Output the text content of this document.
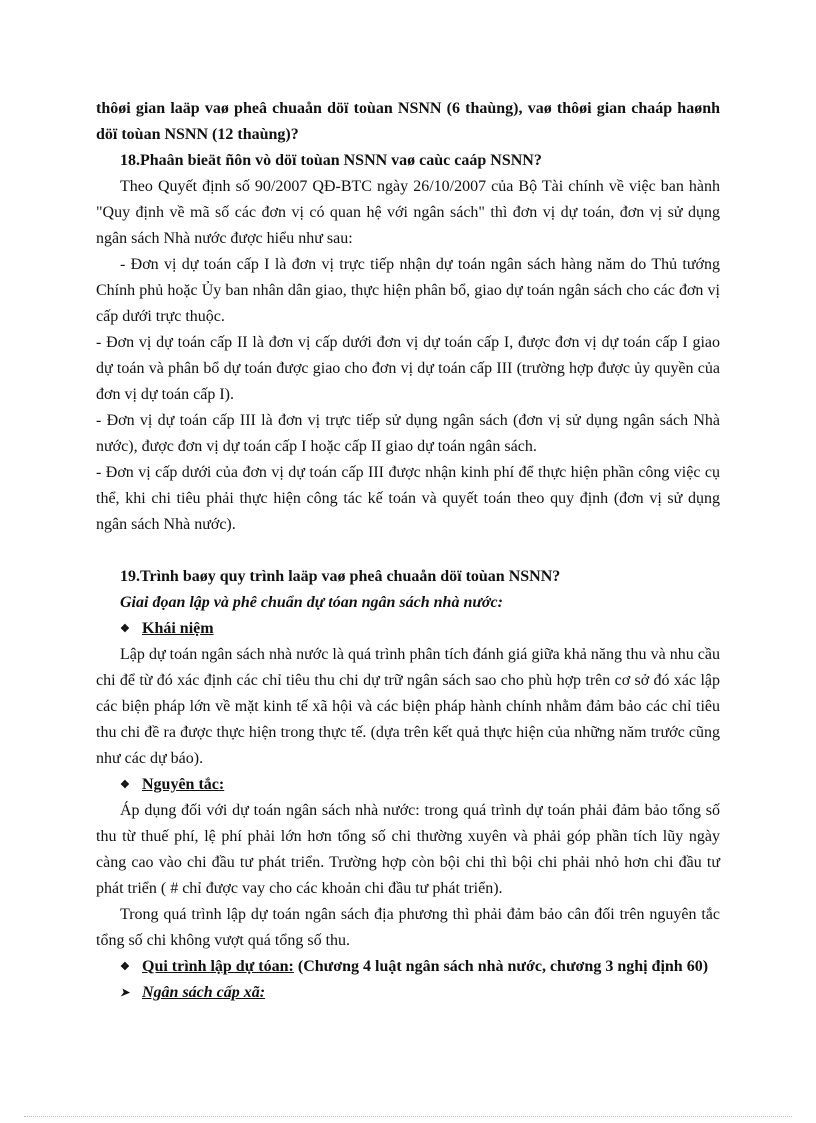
thôøi gian laäp vaø pheâ chuaån döï toùan NSNN (6 thaùng), vaø thôøi gian chaáp haønh döï toùan NSNN (12 thaùng)?

18.Phaân bieät ñôn vò döï toùan NSNN vaø caùc caáp NSNN?

Theo Quyết định số 90/2007 QĐ-BTC ngày 26/10/2007 của Bộ Tài chính về việc ban hành "Quy định về mã số các đơn vị có quan hệ với ngân sách" thì đơn vị dự toán, đơn vị sử dụng ngân sách Nhà nước được hiểu như sau:

- Đơn vị dự toán cấp I là đơn vị trực tiếp nhận dự toán ngân sách hàng năm do Thủ tướng Chính phủ hoặc Ủy ban nhân dân giao, thực hiện phân bổ, giao dự toán ngân sách cho các đơn vị cấp dưới trực thuộc.

- Đơn vị dự toán cấp II là đơn vị cấp dưới đơn vị dự toán cấp I, được đơn vị dự toán cấp I giao dự toán và phân bổ dự toán được giao cho đơn vị dự toán cấp III (trường hợp được ủy quyền của đơn vị dự toán cấp I).

- Đơn vị dự toán cấp III là đơn vị trực tiếp sử dụng ngân sách (đơn vị sử dụng ngân sách Nhà nước), được đơn vị dự toán cấp I hoặc cấp II giao dự toán ngân sách.

- Đơn vị cấp dưới của đơn vị dự toán cấp III được nhận kinh phí để thực hiện phần công việc cụ thể, khi chi tiêu phải thực hiện công tác kế toán và quyết toán theo quy định (đơn vị sử dụng ngân sách Nhà nước).

19.Trình baøy quy trình laäp vaø pheâ chuaån döï toùan NSNN?

Giai đọan lập và phê chuẩn dự tóan ngân sách nhà nước:

❖ Khái niệm

Lập dự toán ngân sách nhà nước là quá trình phân tích đánh giá giữa khả năng thu và nhu cầu chi để từ đó xác định các chỉ tiêu thu chi dự trữ ngân sách sao cho phù hợp trên cơ sở đó xác lập các biện pháp lớn về mặt kinh tế xã hội và các biện pháp hành chính nhằm đảm bảo các chỉ tiêu thu chi đề ra được thực hiện trong thực tế. (dựa trên kết quả thực hiện của những năm trước cũng như các dự báo).

❖ Nguyên tắc:

Áp dụng đối với dự toán ngân sách nhà nước: trong quá trình dự toán phải đảm bảo tổng số thu từ thuế phí, lệ phí phải lớn hơn tổng số chi thường xuyên và phải góp phần tích lũy ngày càng cao vào chi đầu tư phát triển. Trường hợp còn bội chi thì bội chi phải nhỏ hơn chi đầu tư phát triển ( # chỉ được vay cho các khoản chi đầu tư phát triển).

Trong quá trình lập dự toán ngân sách địa phương thì phải đảm bảo cân đối trên nguyên tắc tổng số chi không vượt quá tổng số thu.

❖ Qui trình lập dự tóan: (Chương 4 luật ngân sách nhà nước, chương 3 nghị định 60)

➤ Ngân sách cấp xã:
